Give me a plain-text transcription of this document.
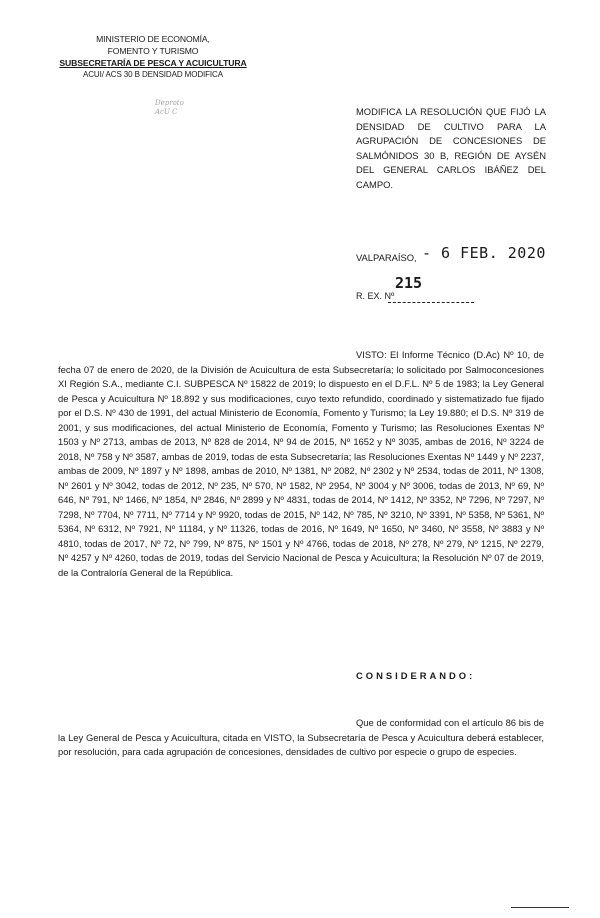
MINISTERIO DE ECONOMÍA,
FOMENTO Y TURISMO
SUBSECRETARÍA DE PESCA Y ACUICULTURA
ACUI/ ACS 30 B DENSIDAD MODIFICA
Deproto
AcU C	MODIFICA LA RESOLUCIÓN QUE FIJÓ LA DENSIDAD DE CULTIVO PARA LA AGRUPACIÓN DE CONCESIONES DE SALMÓNIDOS 30 B, REGIÓN DE AYSÉN DEL GENERAL CARLOS IBÁÑEZ DEL CAMPO.
VALPARAÍSO, - 6 FEB. 2020
R. EX. Nº
215
VISTO: El Informe Técnico (D.Ac) Nº 10, de fecha 07 de enero de 2020, de la División de Acuicultura de esta Subsecretaría; lo solicitado por Salmoconcesiones XI Región S.A., mediante C.I. SUBPESCA Nº 15822 de 2019; lo dispuesto en el D.F.L. Nº 5 de 1983; la Ley General de Pesca y Acuicultura Nº 18.892 y sus modificaciones, cuyo texto refundido, coordinado y sistematizado fue fijado por el D.S. Nº 430 de 1991, del actual Ministerio de Economía, Fomento y Turismo; la Ley 19.880; el D.S. Nº 319 de 2001, y sus modificaciones, del actual Ministerio de Economía, Fomento y Turismo; las Resoluciones Exentas Nº 1503 y Nº 2713, ambas de 2013, Nº 828 de 2014, Nº 94 de 2015, Nº 1652 y Nº 3035, ambas de 2016, Nº 3224 de 2018, Nº 758 y Nº 3587, ambas de 2019, todas de esta Subsecretaría; las Resoluciones Exentas Nº 1449 y Nº 2237, ambas de 2009, Nº 1897 y Nº 1898, ambas de 2010, Nº 1381, Nº 2082, Nº 2302 y Nº 2534, todas de 2011, Nº 1308, Nº 2601 y Nº 3042, todas de 2012, Nº 235, Nº 570, Nº 1582, Nº 2954, Nº 3004 y Nº 3006, todas de 2013, Nº 69, Nº 646, Nº 791, Nº 1466, Nº 1854, Nº 2846, Nº 2899 y Nº 4831, todas de 2014, Nº 1412, Nº 3352, Nº 7296, Nº 7297, Nº 7298, Nº 7704, Nº 7711, Nº 7714 y Nº 9920, todas de 2015, Nº 142, Nº 785, Nº 3210, Nº 3391, Nº 5358, Nº 5361, Nº 5364, Nº 6312, Nº 7921, Nº 11184, y Nº 11326, todas de 2016, Nº 1649, Nº 1650, Nº 3460, Nº 3558, Nº 3883 y Nº 4810, todas de 2017, Nº 72, Nº 799, Nº 875, Nº 1501 y Nº 4766, todas de 2018, Nº 278, Nº 279, Nº 1215, Nº 2279, Nº 4257 y Nº 4260, todas de 2019, todas del Servicio Nacional de Pesca y Acuicultura; la Resolución Nº 07 de 2019, de la Contraloría General de la República.
CONSIDERANDO:
Que de conformidad con el artículo 86 bis de la Ley General de Pesca y Acuicultura, citada en VISTO, la Subsecretaría de Pesca y Acuicultura deberá establecer, por resolución, para cada agrupación de concesiones, densidades de cultivo por especie o grupo de especies.
